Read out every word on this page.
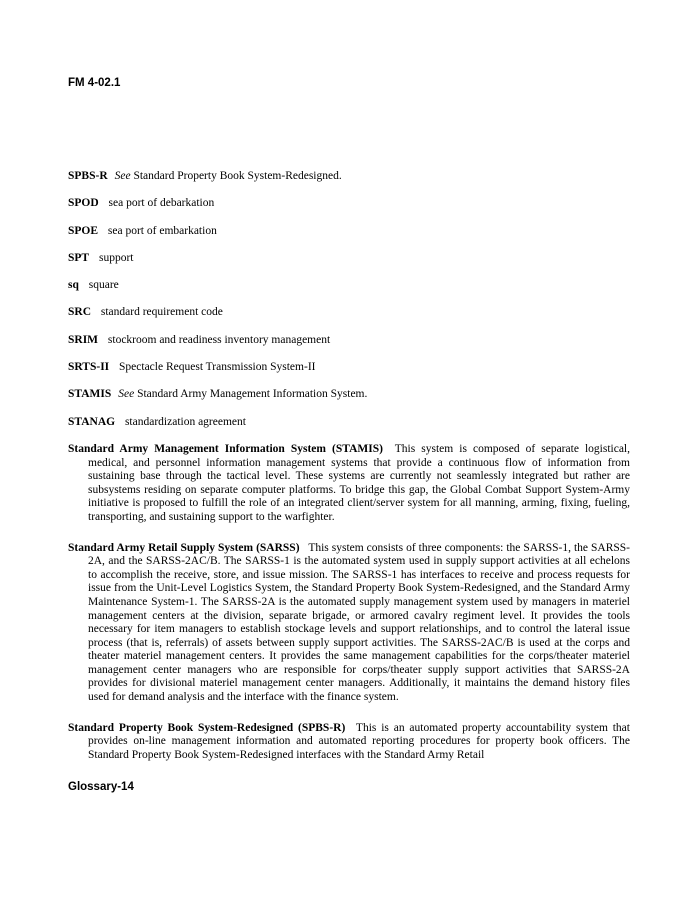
FM 4-02.1

SPBS-R See Standard Property Book System-Redesigned.

SPOD sea port of debarkation

SPOE sea port of embarkation

SPT support

sq square

SRC standard requirement code

SRIM stockroom and readiness inventory management

SRTS-II Spectacle Request Transmission System-II

STAMIS See Standard Army Management Information System.

STANAG standardization agreement

Standard Army Management Information System (STAMIS) This system is composed of separate logistical, medical, and personnel information management systems that provide a continuous flow of information from sustaining base through the tactical level. These systems are currently not seamlessly integrated but rather are subsystems residing on separate computer platforms. To bridge this gap, the Global Combat Support System-Army initiative is proposed to fulfill the role of an integrated client/server system for all manning, arming, fixing, fueling, transporting, and sustaining support to the warfighter.

Standard Army Retail Supply System (SARSS) This system consists of three components: the SARSS-1, the SARSS-2A, and the SARSS-2AC/B. The SARSS-1 is the automated system used in supply support activities at all echelons to accomplish the receive, store, and issue mission. The SARSS-1 has interfaces to receive and process requests for issue from the Unit-Level Logistics System, the Standard Property Book System-Redesigned, and the Standard Army Maintenance System-1. The SARSS-2A is the automated supply management system used by managers in materiel management centers at the division, separate brigade, or armored cavalry regiment level. It provides the tools necessary for item managers to establish stockage levels and support relationships, and to control the lateral issue process (that is, referrals) of assets between supply support activities. The SARSS-2AC/B is used at the corps and theater materiel management centers. It provides the same management capabilities for the corps/theater materiel management center managers who are responsible for corps/theater supply support activities that SARSS-2A provides for divisional materiel management center managers. Additionally, it maintains the demand history files used for demand analysis and the interface with the finance system.

Standard Property Book System-Redesigned (SPBS-R) This is an automated property accountability system that provides on-line management information and automated reporting procedures for property book officers. The Standard Property Book System-Redesigned interfaces with the Standard Army Retail

Glossary-14
